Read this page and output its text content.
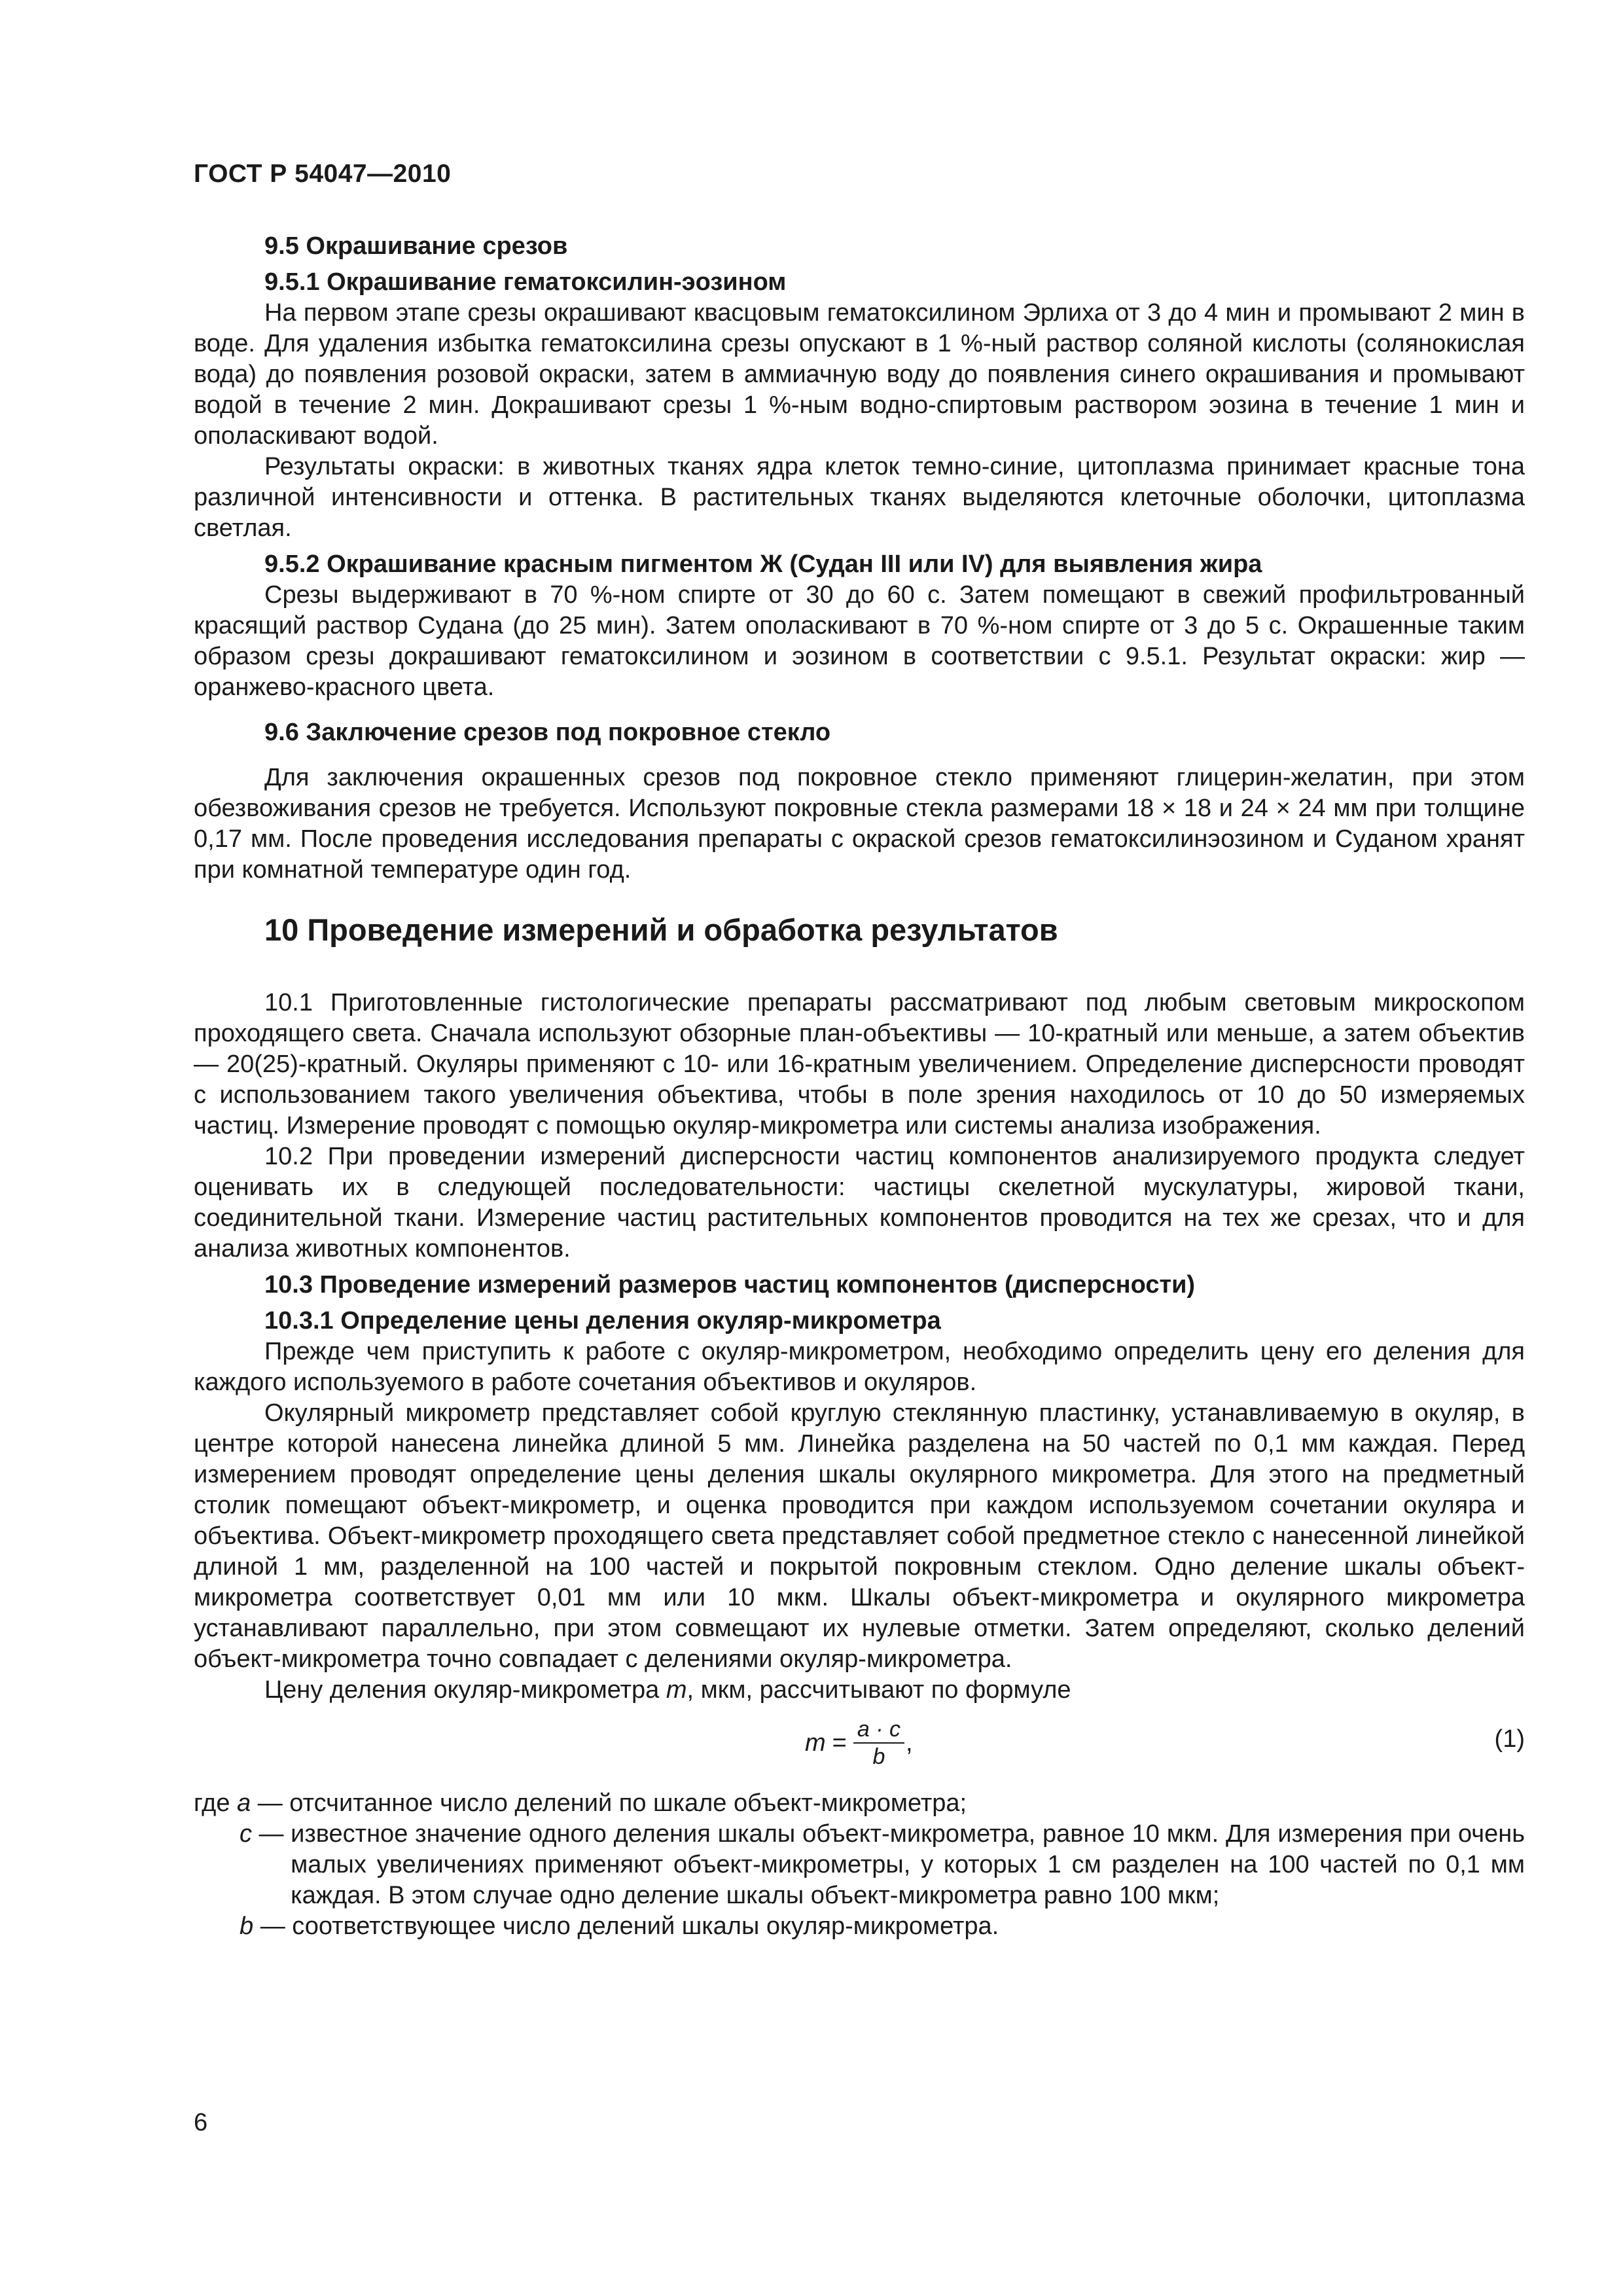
ГОСТ Р 54047—2010

9.5 Окрашивание срезов

9.5.1 Окрашивание гематоксилин-эозином

На первом этапе срезы окрашивают квасцовым гематоксилином Эрлиха от 3 до 4 мин и промывают 2 мин в воде. Для удаления избытка гематоксилина срезы опускают в 1 %-ный раствор соляной кислоты (солянокислая вода) до появления розовой окраски, затем в аммиачную воду до появления синего окрашивания и промывают водой в течение 2 мин. Докрашивают срезы 1 %-ным водно-спиртовым раствором эозина в течение 1 мин и ополаскивают водой.

Результаты окраски: в животных тканях ядра клеток темно-синие, цитоплазма принимает красные тона различной интенсивности и оттенка. В растительных тканях выделяются клеточные оболочки, цитоплазма светлая.

9.5.2 Окрашивание красным пигментом Ж (Судан III или IV) для выявления жира

Срезы выдерживают в 70 %-ном спирте от 30 до 60 с. Затем помещают в свежий профильтрованный красящий раствор Судана (до 25 мин). Затем ополаскивают в 70 %-ном спирте от 3 до 5 с. Окрашенные таким образом срезы докрашивают гематоксилином и эозином в соответствии с 9.5.1. Результат окраски: жир — оранжево-красного цвета.

9.6 Заключение срезов под покровное стекло

Для заключения окрашенных срезов под покровное стекло применяют глицерин-желатин, при этом обезвоживания срезов не требуется. Используют покровные стекла размерами 18 × 18 и 24 × 24 мм при толщине 0,17 мм. После проведения исследования препараты с окраской срезов гематоксилинэозином и Суданом хранят при комнатной температуре один год.

10 Проведение измерений и обработка результатов

10.1 Приготовленные гистологические препараты рассматривают под любым световым микроскопом проходящего света. Сначала используют обзорные план-объективы — 10-кратный или меньше, а затем объектив — 20(25)-кратный. Окуляры применяют с 10- или 16-кратным увеличением. Определение дисперсности проводят с использованием такого увеличения объектива, чтобы в поле зрения находилось от 10 до 50 измеряемых частиц. Измерение проводят с помощью окуляр-микрометра или системы анализа изображения.

10.2 При проведении измерений дисперсности частиц компонентов анализируемого продукта следует оценивать их в следующей последовательности: частицы скелетной мускулатуры, жировой ткани, соединительной ткани. Измерение частиц растительных компонентов проводится на тех же срезах, что и для анализа животных компонентов.

10.3 Проведение измерений размеров частиц компонентов (дисперсности)

10.3.1 Определение цены деления окуляр-микрометра

Прежде чем приступить к работе с окуляр-микрометром, необходимо определить цену его деления для каждого используемого в работе сочетания объективов и окуляров.

Окулярный микрометр представляет собой круглую стеклянную пластинку, устанавливаемую в окуляр, в центре которой нанесена линейка длиной 5 мм. Линейка разделена на 50 частей по 0,1 мм каждая. Перед измерением проводят определение цены деления шкалы окулярного микрометра. Для этого на предметный столик помещают объект-микрометр, и оценка проводится при каждом используемом сочетании окуляра и объектива. Объект-микрометр проходящего света представляет собой предметное стекло с нанесенной линейкой длиной 1 мм, разделенной на 100 частей и покрытой покровным стеклом. Одно деление шкалы объект-микрометра соответствует 0,01 мм или 10 мкм. Шкалы объект-микрометра и окулярного микрометра устанавливают параллельно, при этом совмещают их нулевые отметки. Затем определяют, сколько делений объект-микрометра точно совпадает с делениями окуляр-микрометра.

Цену деления окуляр-микрометра m, мкм, рассчитывают по формуле

$m = \frac{a \cdot c}{b}$ ,	(1)
где a — отсчитанное число делений по шкале объект-микрометра;
c — известное значение одного деления шкалы объект-микрометра, равное 10 мкм. Для измерения при очень малых увеличениях применяют объект-микрометры, у которых 1 см разделен на 100 частей по 0,1 мм каждая. В этом случае одно деление шкалы объект-микрометра равно 100 мкм;
b — соответствующее число делений шкалы окуляр-микрометра.
6
